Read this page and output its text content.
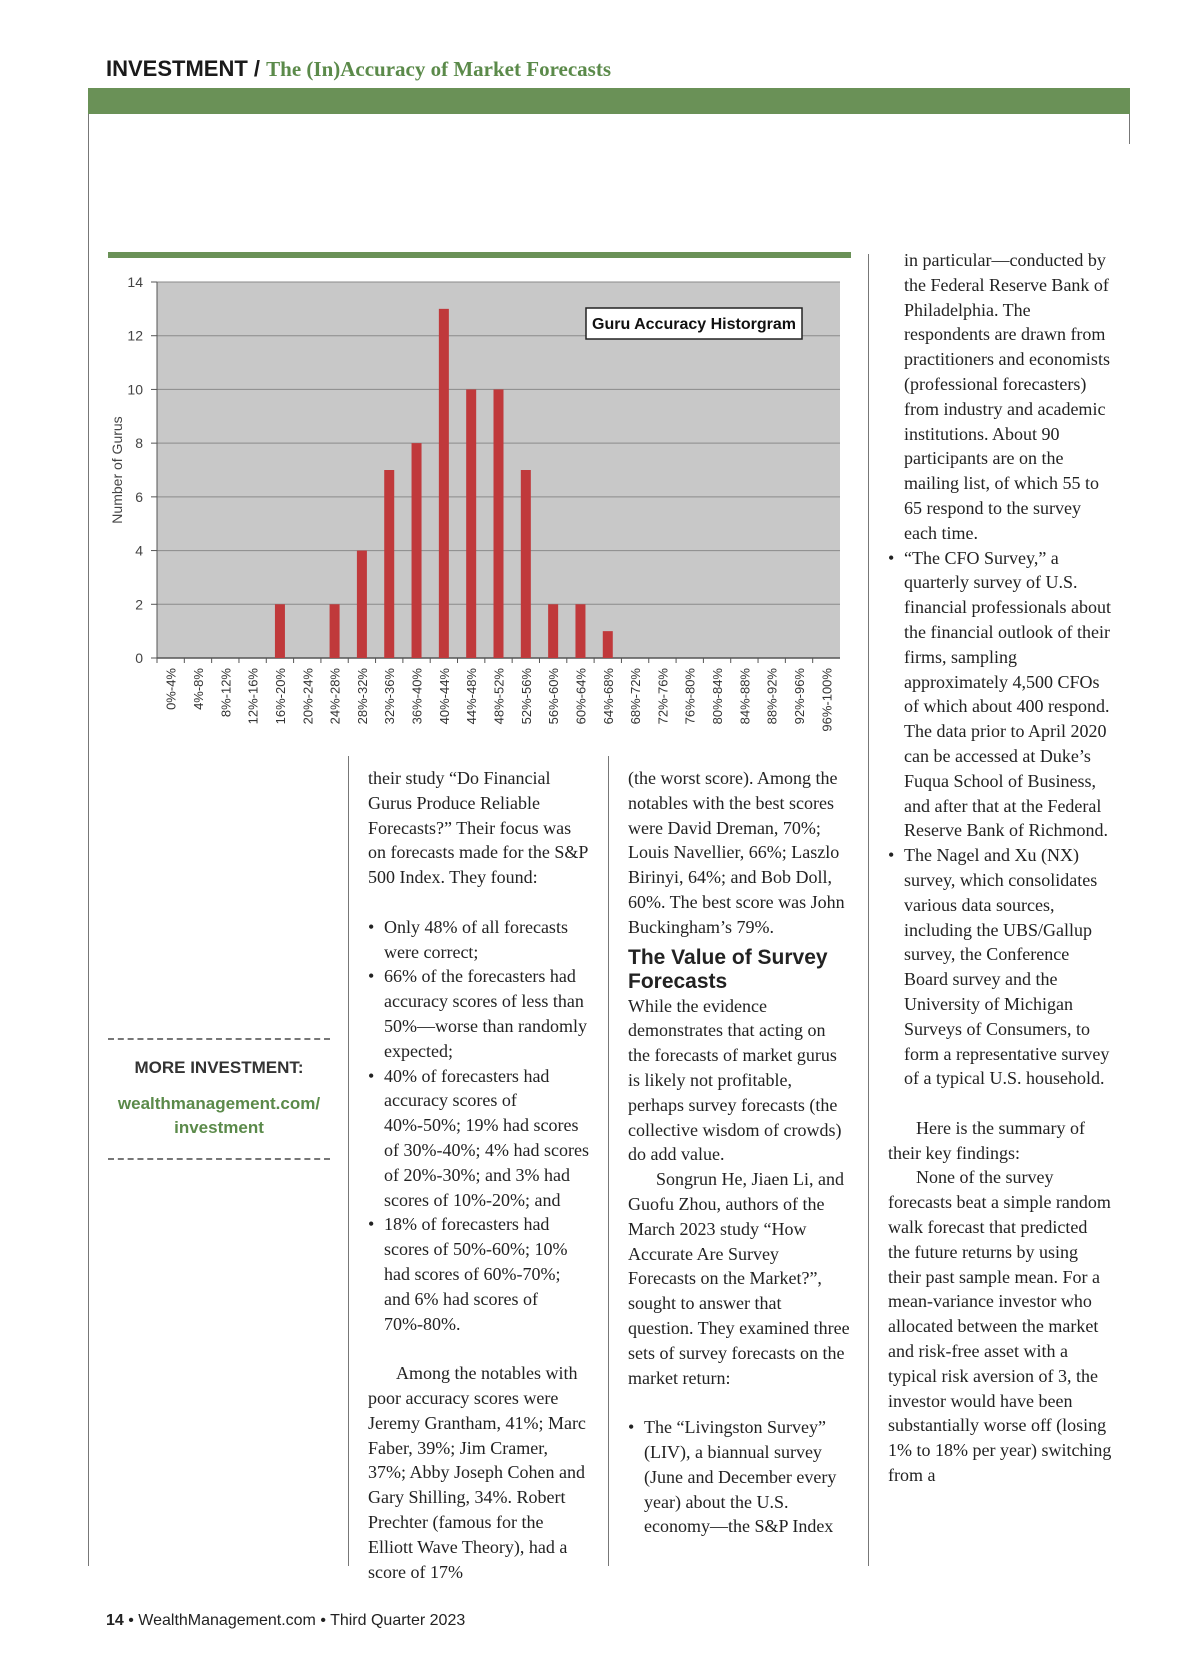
INVESTMENT / The (In)Accuracy of Market Forecasts
0
2
4
6
8
10
12
14
0%-4% 4%-8% 8%-12% 12%-16% 16%-20% 20%-24% 24%-28% 28%-32% 32%-36% 36%-40% 40%-44% 44%-48% 48%-52% 52%-56% 56%-60% 60%-64% 64%-68% 68%-72% 72%-76% 76%-80% 80%-84% 84%-88% 88%-92% 92%-96% 96%-100%
Number of Gurus
Guru Accuracy Historgram
MORE INVESTMENT:
wealthmanagement.com/
investment

their study “Do Financial Gurus Produce Reliable Forecasts?” Their focus was on forecasts made for the S&P 500 Index. They found:

• Only 48% of all forecasts were correct;
• 66% of the forecasters had accuracy scores of less than 50%—worse than randomly expected;
• 40% of forecasters had accuracy scores of 40%-50%; 19% had scores of 30%-40%; 4% had scores of 20%-30%; and 3% had scores of 10%-20%; and
• 18% of forecasters had scores of 50%-60%; 10% had scores of 60%-70%; and 6% had scores of 70%-80%.

Among the notables with poor accuracy scores were Jeremy Grantham, 41%; Marc Faber, 39%; Jim Cramer, 37%; Abby Joseph Cohen and Gary Shilling, 34%. Robert Prechter (famous for the Elliott Wave Theory), had a score of 17%

(the worst score). Among the notables with the best scores were David Dreman, 70%; Louis Navellier, 66%; Laszlo Birinyi, 64%; and Bob Doll, 60%. The best score was John Buckingham’s 79%.

The Value of Survey Forecasts

While the evidence demonstrates that acting on the forecasts of market gurus is likely not profitable, perhaps survey forecasts (the collective wisdom of crowds) do add value.

Songrun He, Jiaen Li, and Guofu Zhou, authors of the March 2023 study “How Accurate Are Survey Forecasts on the Market?”, sought to answer that question. They examined three sets of survey forecasts on the market return:

• The “Livingston Survey” (LIV), a biannual survey (June and December every year) about the U.S. economy—the S&P Index

in particular—conducted by the Federal Reserve Bank of Philadelphia. The respondents are drawn from practitioners and economists (professional forecasters) from industry and academic institutions. About 90 participants are on the mailing list, of which 55 to 65 respond to the survey each time.

• “The CFO Survey,” a quarterly survey of U.S. financial professionals about the financial outlook of their firms, sampling approximately 4,500 CFOs of which about 400 respond. The data prior to April 2020 can be accessed at Duke’s Fuqua School of Business, and after that at the Federal Reserve Bank of Richmond.
• The Nagel and Xu (NX) survey, which consolidates various data sources, including the UBS/Gallup survey, the Conference Board survey and the University of Michigan Surveys of Consumers, to form a representative survey of a typical U.S. household.

Here is the summary of their key findings:

None of the survey forecasts beat a simple random walk forecast that predicted the future returns by using their past sample mean. For a mean-variance investor who allocated between the market and risk-free asset with a typical risk aversion of 3, the investor would have been substantially worse off (losing 1% to 18% per year) switching from a

14 • WealthManagement.com • Third Quarter 2023
